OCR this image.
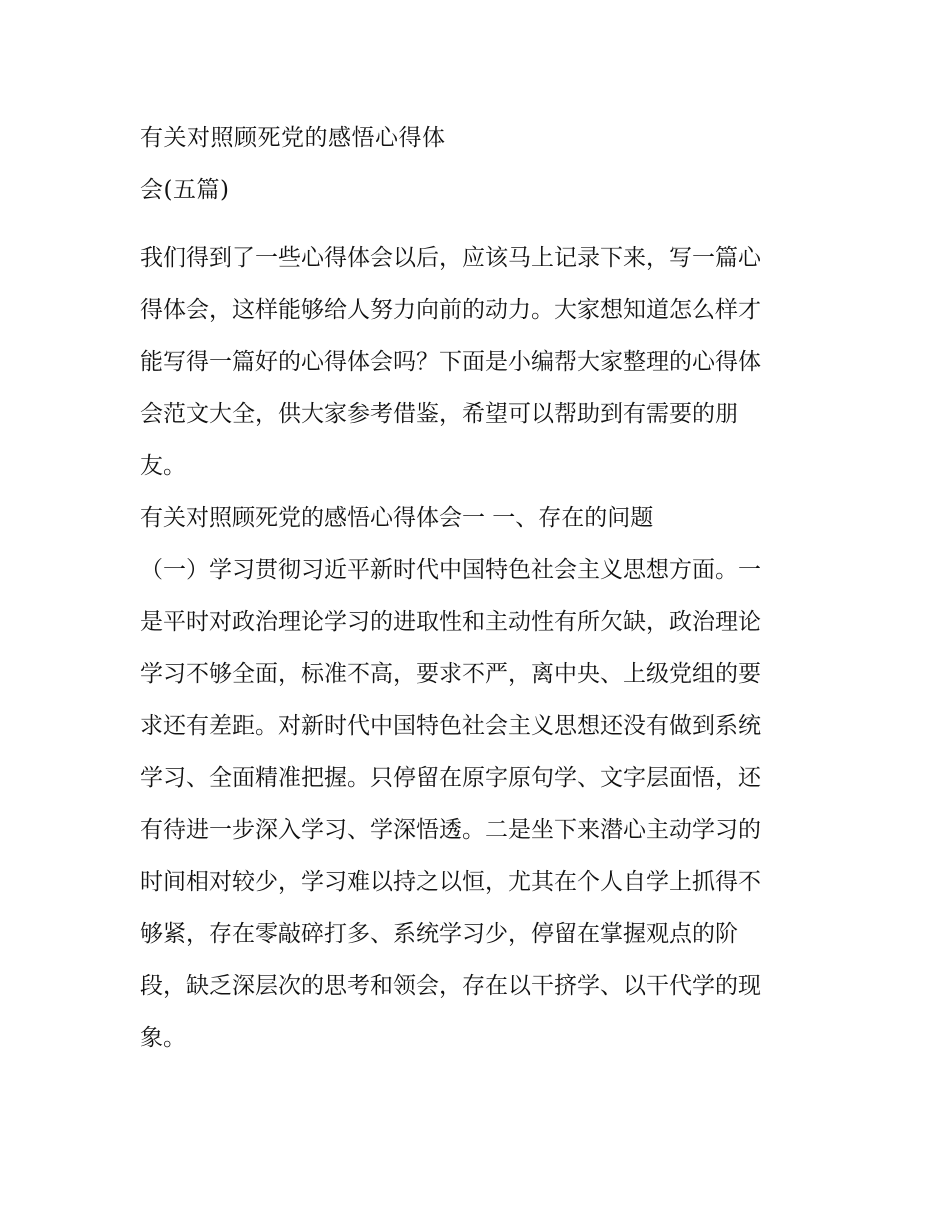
有关对照顾死党的感悟心得体
会(五篇)
我们得到了一些心得体会以后，应该马上记录下来，写一篇心
得体会，这样能够给人努力向前的动力。大家想知道怎么样才
能写得一篇好的心得体会吗？下面是小编帮大家整理的心得体
会范文大全，供大家参考借鉴，希望可以帮助到有需要的朋
友。
有关对照顾死党的感悟心得体会一 一、存在的问题
（一）学习贯彻习近平新时代中国特色社会主义思想方面。一
是平时对政治理论学习的进取性和主动性有所欠缺，政治理论
学习不够全面，标准不高，要求不严，离中央、上级党组的要
求还有差距。对新时代中国特色社会主义思想还没有做到系统
学习、全面精准把握。只停留在原字原句学、文字层面悟，还
有待进一步深入学习、学深悟透。二是坐下来潜心主动学习的
时间相对较少，学习难以持之以恒，尤其在个人自学上抓得不
够紧，存在零敲碎打多、系统学习少，停留在掌握观点的阶
段，缺乏深层次的思考和领会，存在以干挤学、以干代学的现
象。
